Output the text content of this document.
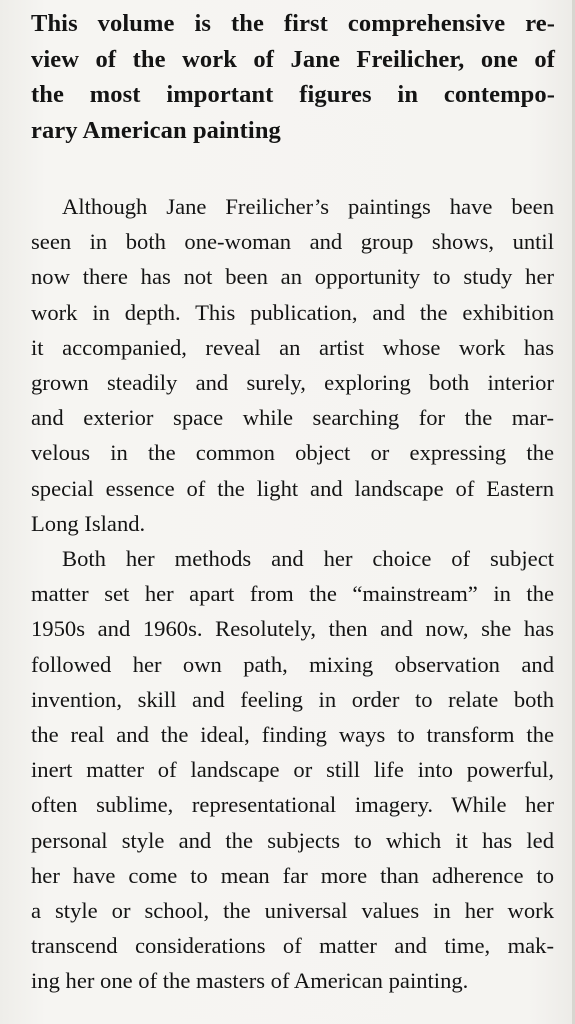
This volume is the first comprehensive re-
view of the work of Jane Freilicher, one of
the most important figures in contempo-
rary American painting
Although Jane Freilicher’s paintings have been
seen in both one-woman and group shows, until
now there has not been an opportunity to study her
work in depth. This publication, and the exhibition
it accompanied, reveal an artist whose work has
grown steadily and surely, exploring both interior
and exterior space while searching for the mar-
velous in the common object or expressing the
special essence of the light and landscape of Eastern
Long Island.
Both her methods and her choice of subject
matter set her apart from the “mainstream” in the
1950s and 1960s. Resolutely, then and now, she has
followed her own path, mixing observation and
invention, skill and feeling in order to relate both
the real and the ideal, finding ways to transform the
inert matter of landscape or still life into powerful,
often sublime, representational imagery. While her
personal style and the subjects to which it has led
her have come to mean far more than adherence to
a style or school, the universal values in her work
transcend considerations of matter and time, mak-
ing her one of the masters of American painting.
